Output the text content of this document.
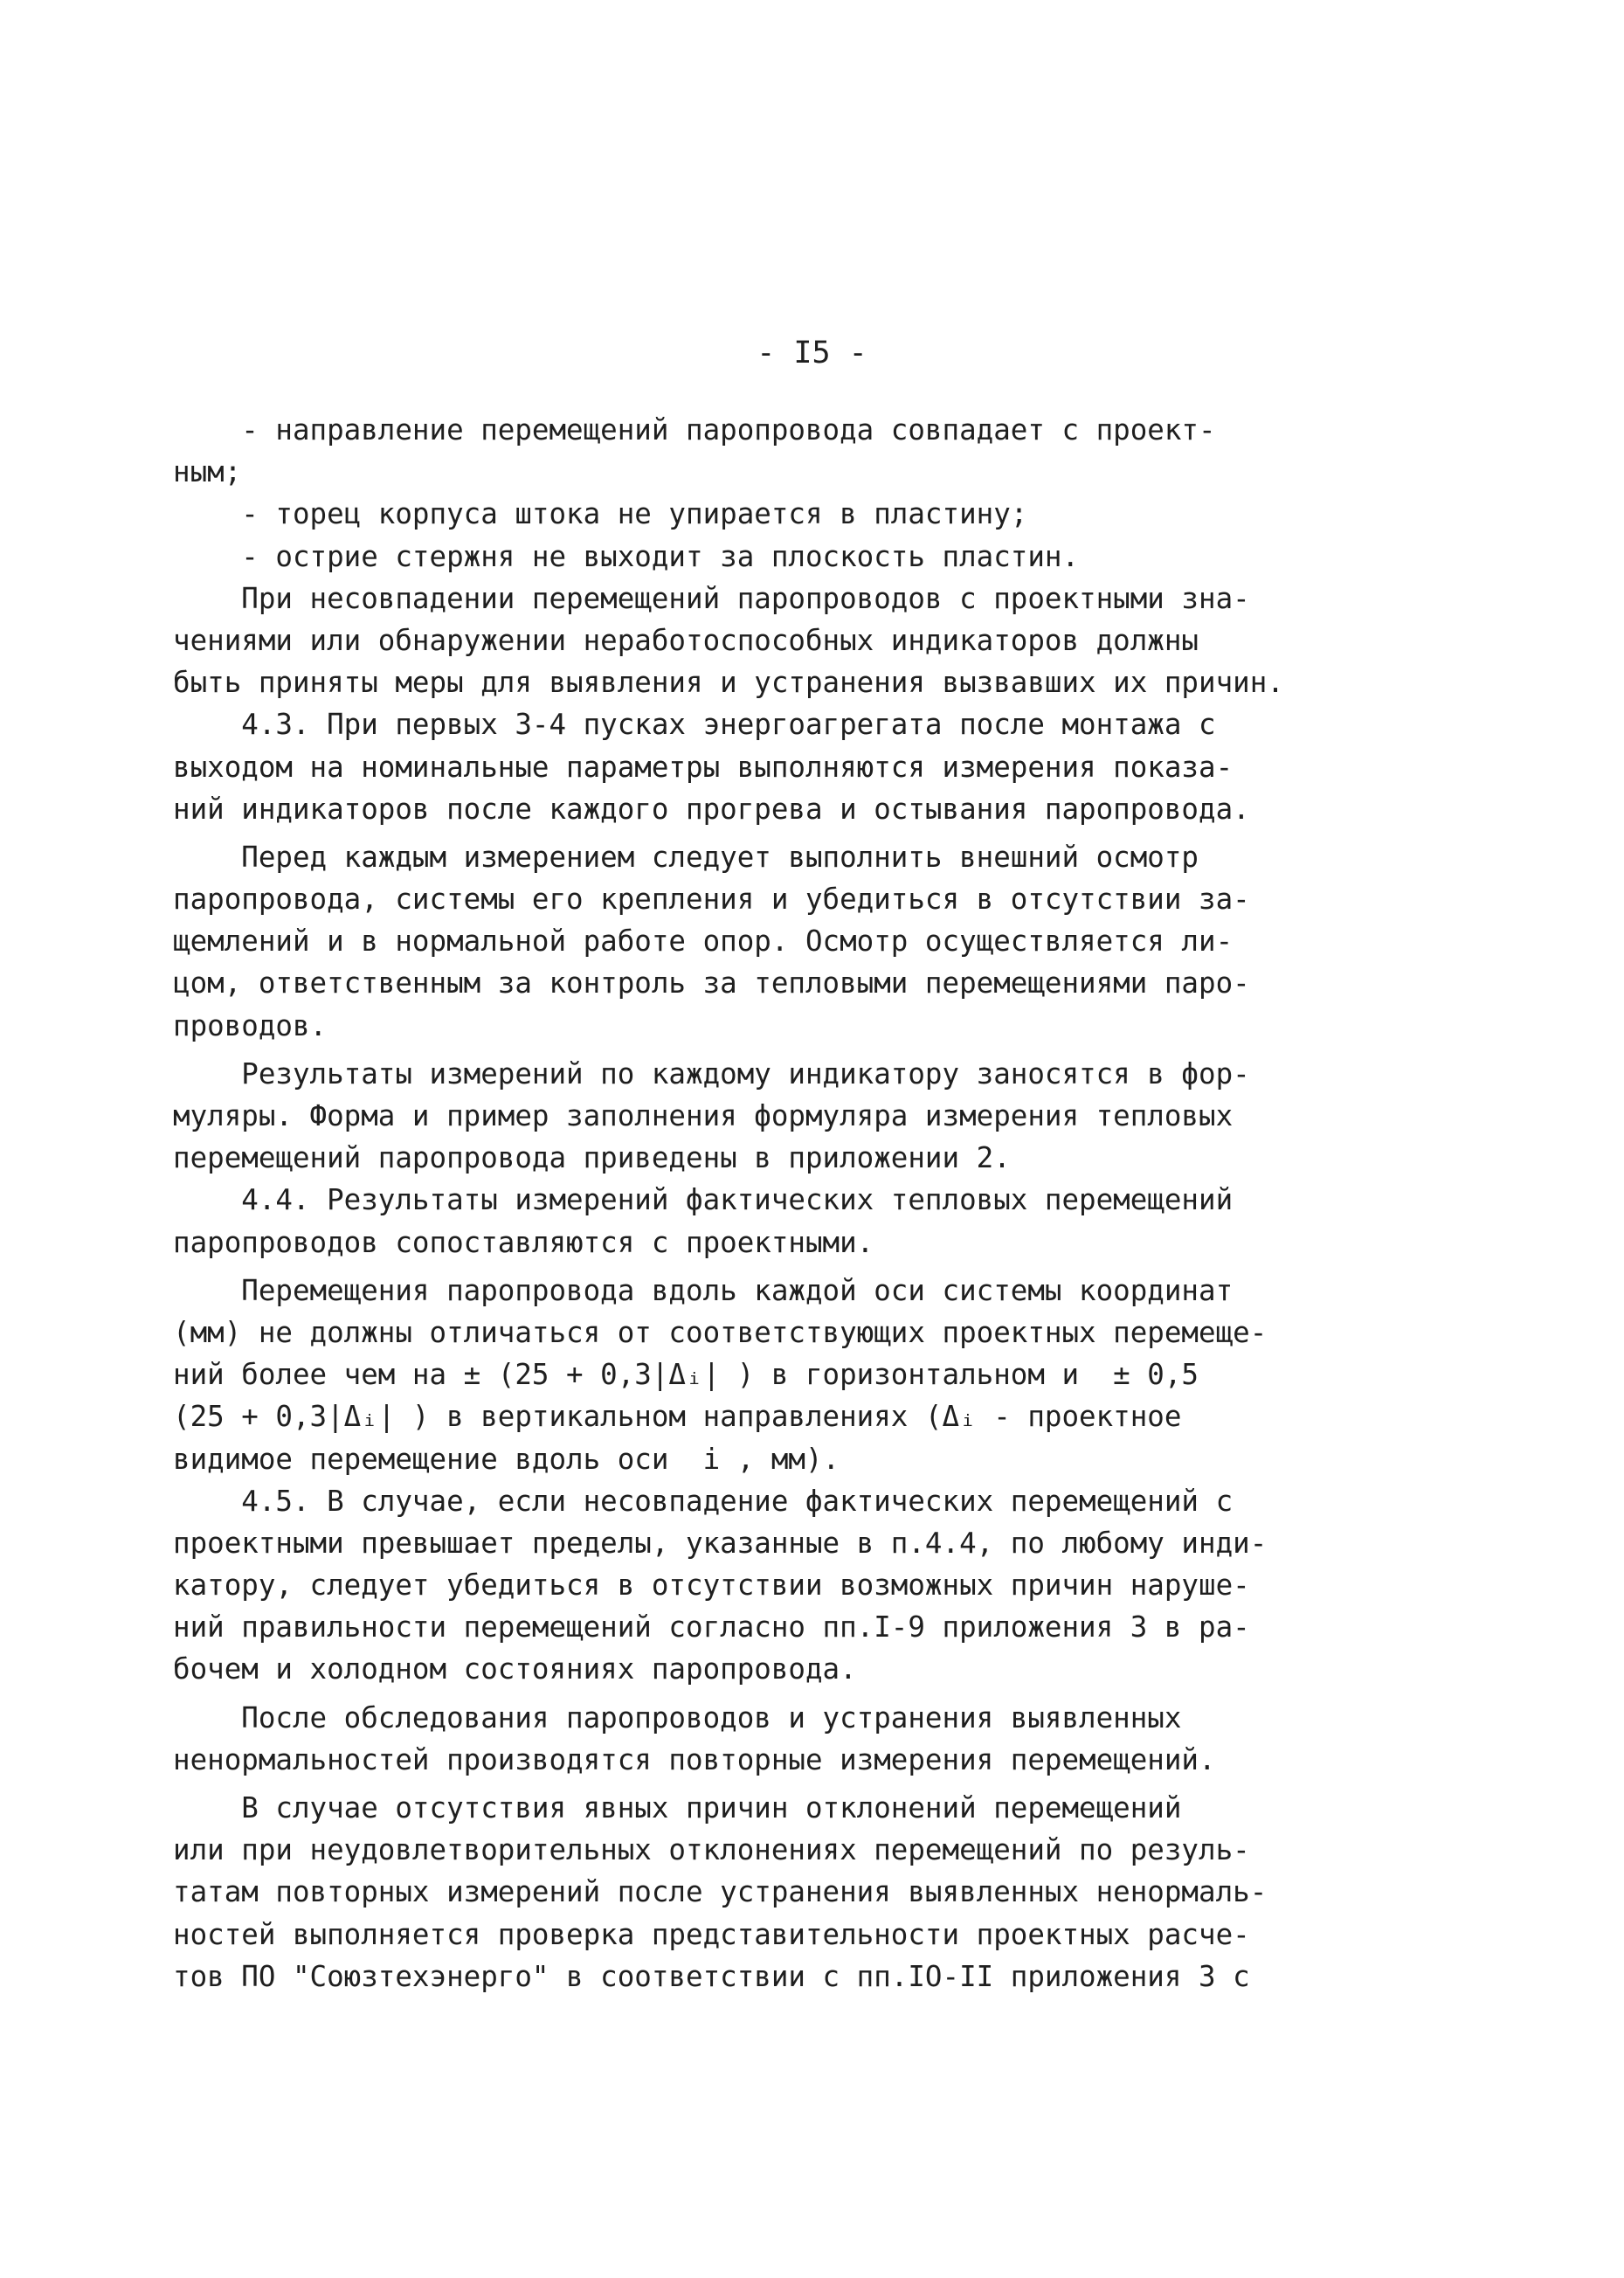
- I5 -
- направление перемещений паропровода совпадает с проект-
ным;
- торец корпуса штока не упирается в пластину;
- острие стержня не выходит за плоскость пластин.
При несовпадении перемещений паропроводов с проектными зна-
чениями или обнаружении неработоспособных индикаторов должны
быть приняты меры для выявления и устранения вызвавших их причин.
4.3. При первых 3-4 пусках энергоагрегата после монтажа с
выходом на номинальные параметры выполняются измерения показа-
ний индикаторов после каждого прогрева и остывания паропровода.
Перед каждым измерением следует выполнить внешний осмотр
паропровода, системы его крепления и убедиться в отсутствии за-
щемлений и в нормальной работе опор. Осмотр осуществляется ли-
цом, ответственным за контроль за тепловыми перемещениями паро-
проводов.
Результаты измерений по каждому индикатору заносятся в фор-
муляры. Форма и пример заполнения формуляра измерения тепловых
перемещений паропровода приведены в приложении 2.
4.4. Результаты измерений фактических тепловых перемещений
паропроводов сопоставляются с проектными.
Перемещения паропровода вдоль каждой оси системы координат
(мм) не должны отличаться от соответствующих проектных перемеще-
ний более чем на ± (25 + 0,3|Δᵢ| ) в горизонтальном и  ± 0,5
(25 + 0,3|Δᵢ| ) в вертикальном направлениях (Δᵢ - проектное
видимое перемещение вдоль оси  i , мм).
4.5. В случае, если несовпадение фактических перемещений с
проектными превышает пределы, указанные в п.4.4, по любому инди-
катору, следует убедиться в отсутствии возможных причин наруше-
ний правильности перемещений согласно пп.I-9 приложения 3 в ра-
бочем и холодном состояниях паропровода.
После обследования паропроводов и устранения выявленных
ненормальностей производятся повторные измерения перемещений.
В случае отсутствия явных причин отклонений перемещений
или при неудовлетворительных отклонениях перемещений по резуль-
татам повторных измерений после устранения выявленных ненормаль-
ностей выполняется проверка представительности проектных расче-
тов ПО "Союзтехэнерго" в соответствии с пп.IО-II приложения 3 с
